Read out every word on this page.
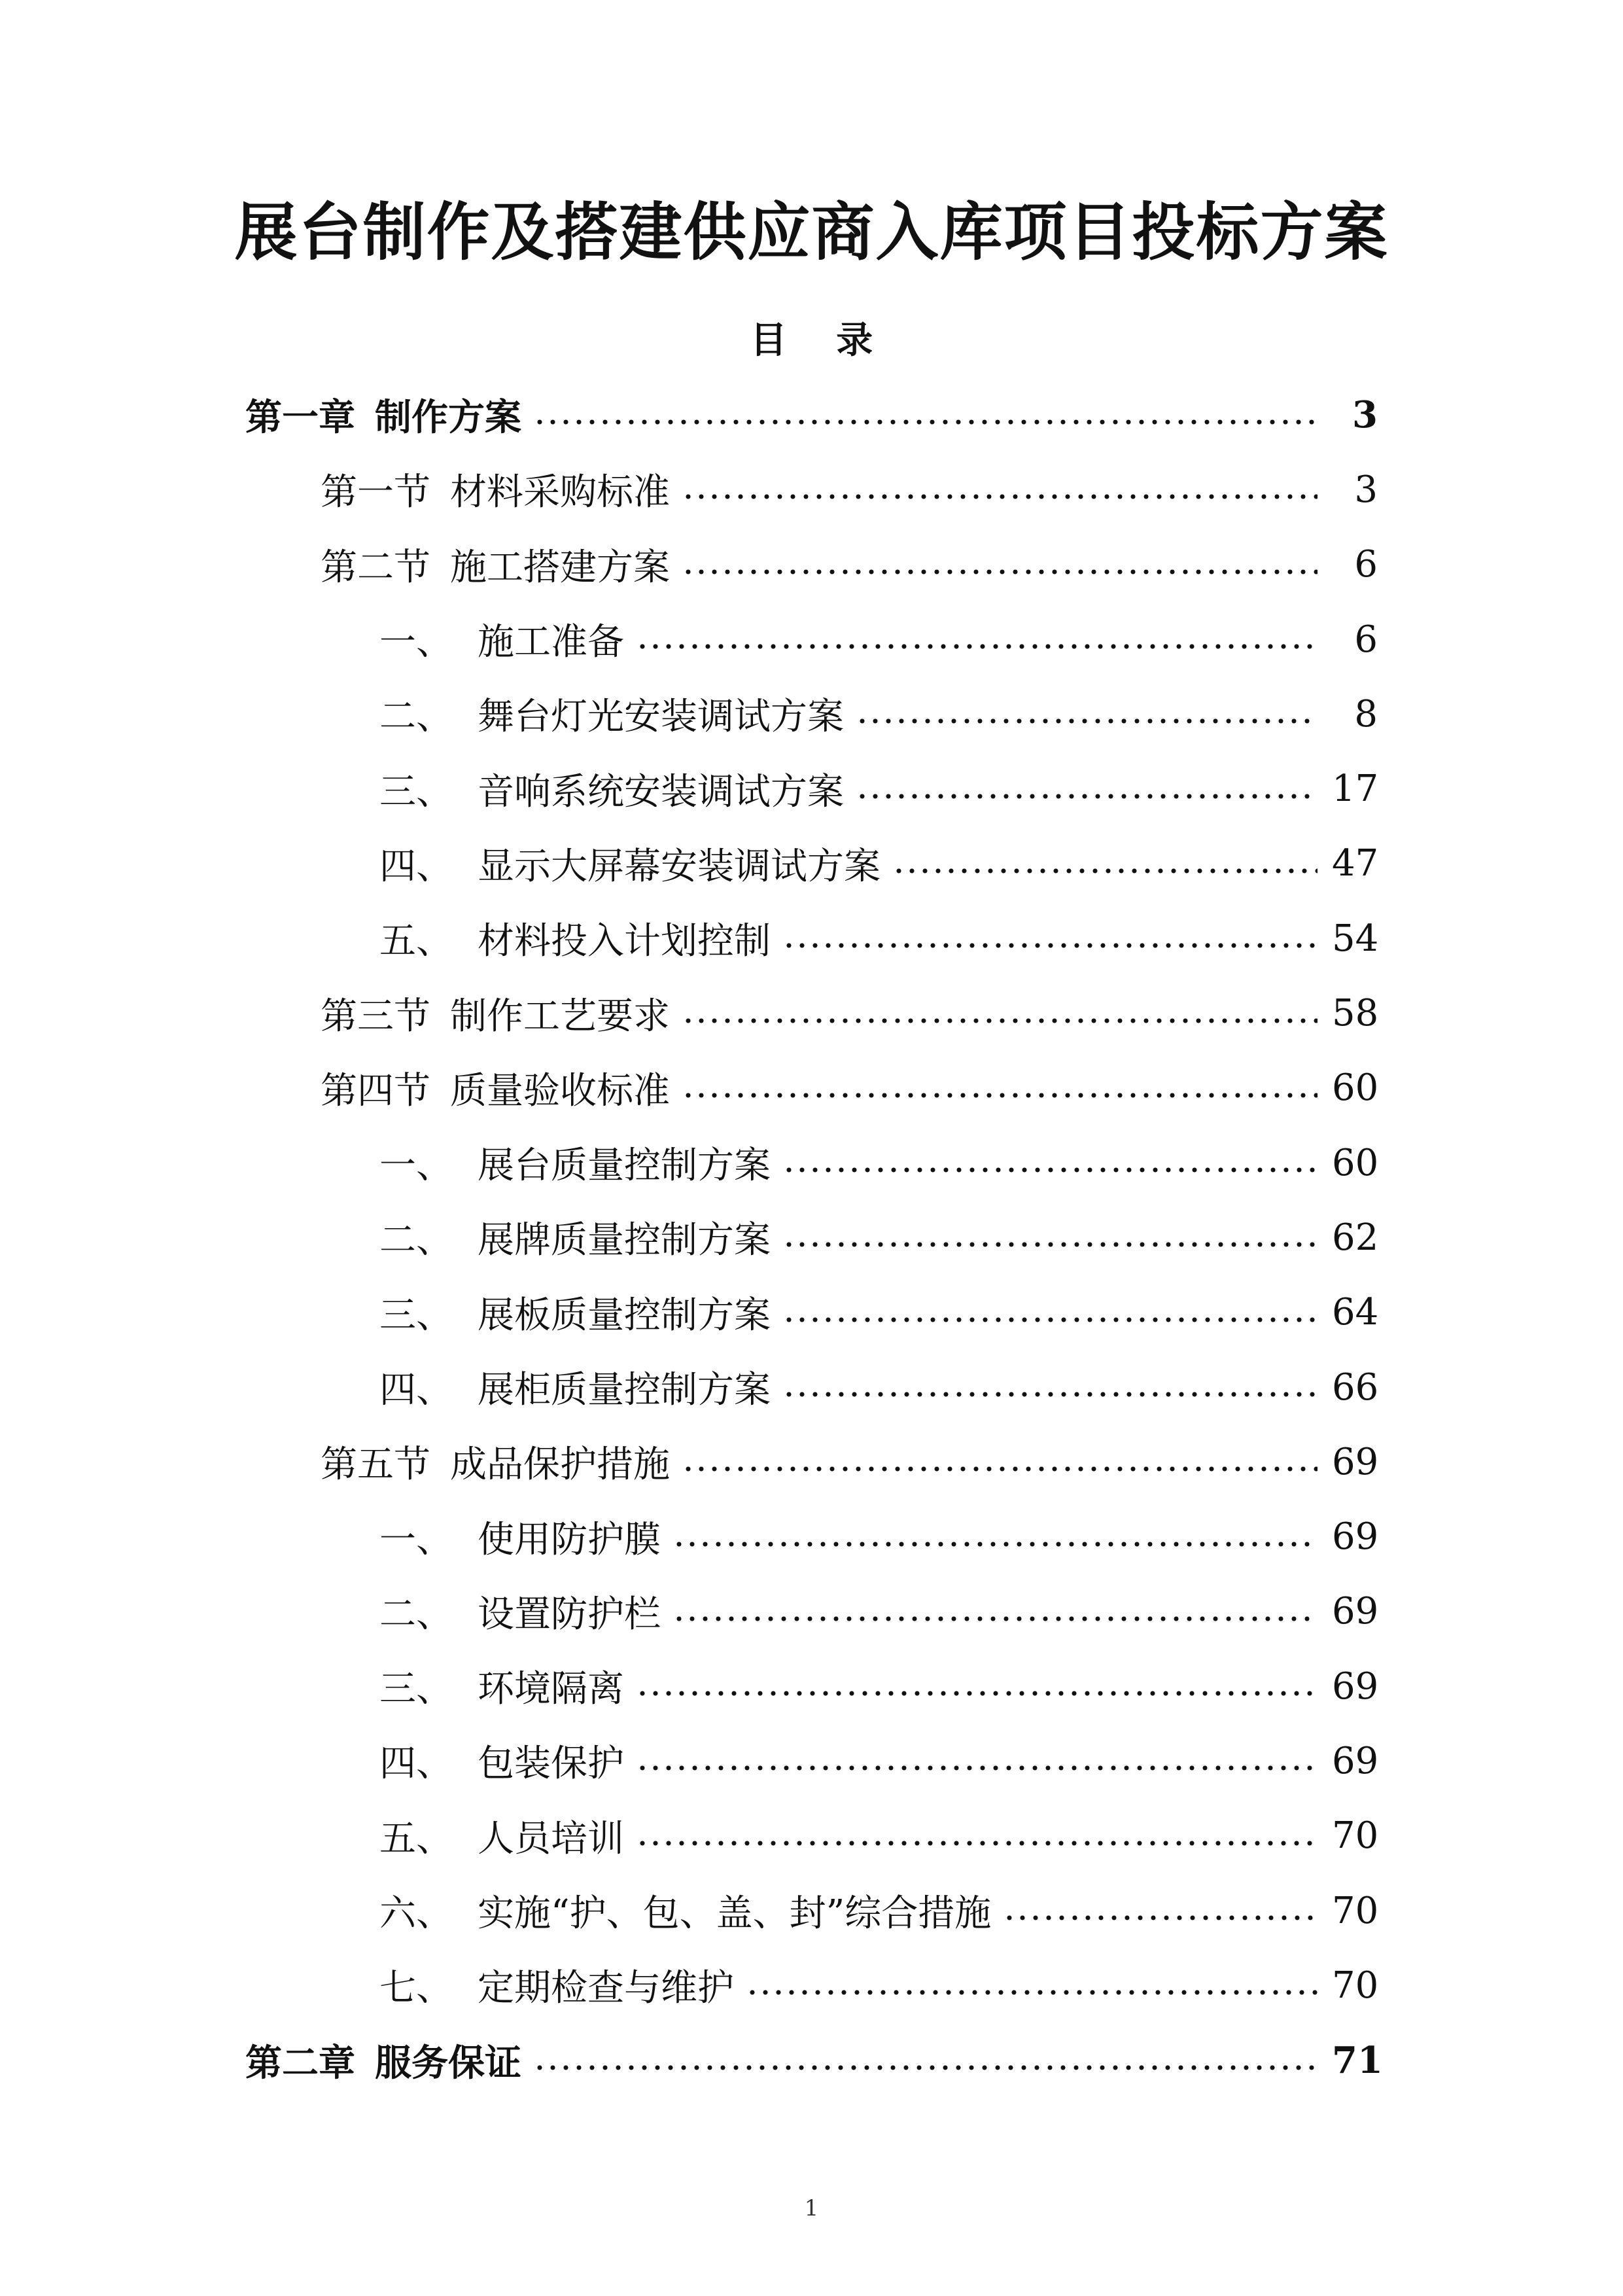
展台制作及搭建供应商入库项目投标方案
目 录
第一章 制作方案	3
第一节 材料采购标准	3
第二节 施工搭建方案	6
一、 施工准备	6
二、 舞台灯光安装调试方案	8
三、 音响系统安装调试方案	17
四、 显示大屏幕安装调试方案	47
五、 材料投入计划控制	54
第三节 制作工艺要求	58
第四节 质量验收标准	60
一、 展台质量控制方案	60
二、 展牌质量控制方案	62
三、 展板质量控制方案	64
四、 展柜质量控制方案	66
第五节 成品保护措施	69
一、 使用防护膜	69
二、 设置防护栏	69
三、 环境隔离	69
四、 包装保护	69
五、 人员培训	70
六、 实施“护、包、盖、封”综合措施	70
七、 定期检查与维护	70
第二章 服务保证	71
1
